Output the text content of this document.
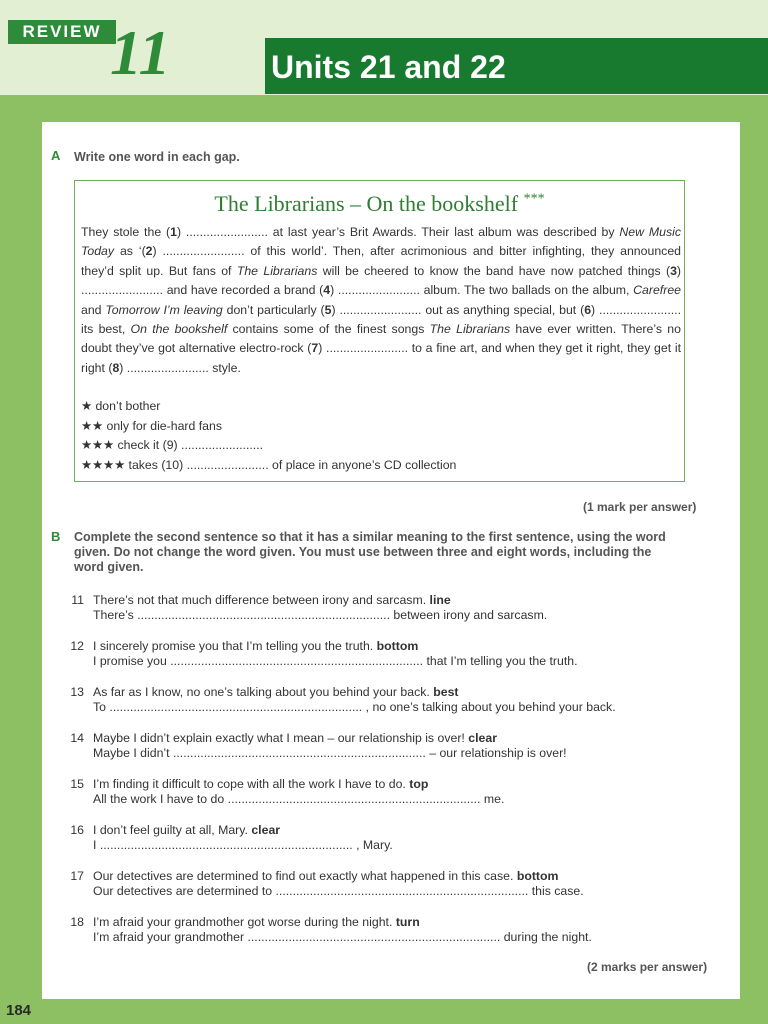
REVIEW 11	Units 21 and 22
A Write one word in each gap.
The Librarians – On the bookshelf ***
They stole the (1) ........................ at last year’s Brit Awards. Their last album was described by New Music Today as ‘(2) ........................ of this world’. Then, after acrimonious and bitter infighting, they announced they’d split up. But fans of The Librarians will be cheered to know the band have now patched things (3) ........................ and have recorded a brand (4) ........................ album. The two ballads on the album, Carefree and Tomorrow I’m leaving don’t particularly (5) ........................ out as anything special, but (6) ........................ its best, On the bookshelf contains some of the finest songs The Librarians have ever written. There’s no doubt they’ve got alternative electro-rock (7) ........................ to a fine art, and when they get it right, they get it right (8) ........................ style.
★ don’t bother
★★ only for die-hard fans
★★★ check it (9) ........................
★★★★ takes (10) ........................ of place in anyone’s CD collection
(1 mark per answer)
B Complete the second sentence so that it has a similar meaning to the first sentence, using the word given. Do not change the word given. You must use between three and eight words, including the word given.
11 There’s not that much difference between irony and sarcasm. line
There’s .......................................................................... between irony and sarcasm.
12 I sincerely promise you that I’m telling you the truth. bottom
I promise you .......................................................................... that I’m telling you the truth.
13 As far as I know, no one’s talking about you behind your back. best
To .......................................................................... , no one’s talking about you behind your back.
14 Maybe I didn’t explain exactly what I mean – our relationship is over! clear
Maybe I didn’t .......................................................................... – our relationship is over!
15 I’m finding it difficult to cope with all the work I have to do. top
All the work I have to do .......................................................................... me.
16 I don’t feel guilty at all, Mary. clear
I .......................................................................... , Mary.
17 Our detectives are determined to find out exactly what happened in this case. bottom
Our detectives are determined to .......................................................................... this case.
18 I’m afraid your grandmother got worse during the night. turn
I’m afraid your grandmother .......................................................................... during the night.
(2 marks per answer)
184
